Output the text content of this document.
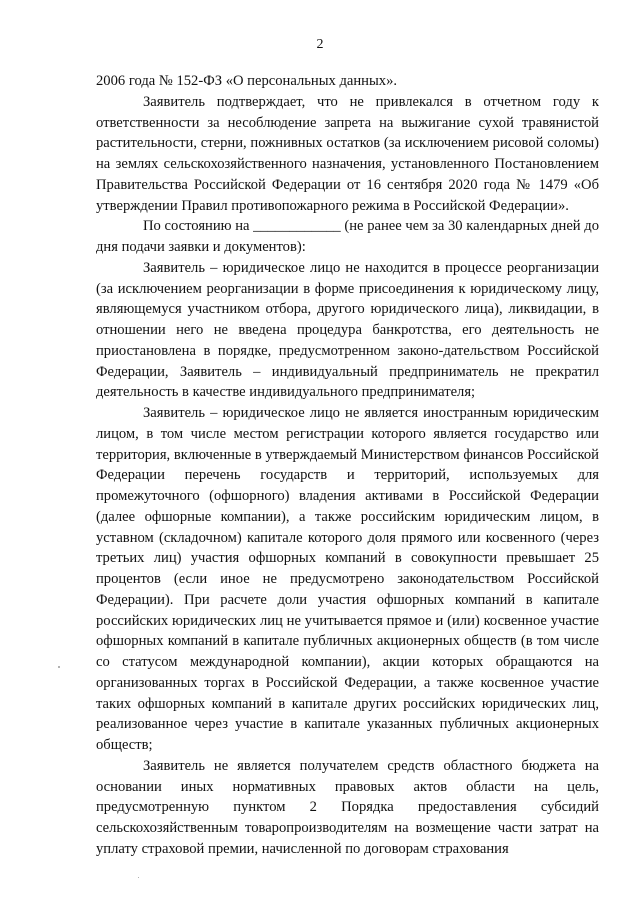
2

2006 года № 152-ФЗ «О персональных данных».

Заявитель подтверждает, что не привлекался в отчетном году к ответственности за несоблюдение запрета на выжигание сухой травянистой растительности, стерни, пожнивных остатков (за исключением рисовой соломы) на землях сельскохозяйственного назначения, установленного Постановлением Правительства Российской Федерации от 16 сентября 2020 года № 1479 «Об утверждении Правил противопожарного режима в Российской Федерации».

По состоянию на ____________ (не ранее чем за 30 календарных дней до дня подачи заявки и документов):

Заявитель – юридическое лицо не находится в процессе реорганизации (за исключением реорганизации в форме присоединения к юридическому лицу, являющемуся участником отбора, другого юридического лица), ликвидации, в отношении него не введена процедура банкротства, его деятельность не приостановлена в порядке, предусмотренном законо-дательством Российской Федерации, Заявитель – индивидуальный предприниматель не прекратил деятельность в качестве индивидуального предпринимателя;

Заявитель – юридическое лицо не является иностранным юридическим лицом, в том числе местом регистрации которого является государство или территория, включенные в утверждаемый Министерством финансов Российской Федерации перечень государств и территорий, используемых для промежуточного (офшорного) владения активами в Российской Федерации (далее офшорные компании), а также российским юридическим лицом, в уставном (складочном) капитале которого доля прямого или косвенного (через третьих лиц) участия офшорных компаний в совокупности превышает 25 процентов (если иное не предусмотрено законодательством Российской Федерации). При расчете доли участия офшорных компаний в капитале российских юридических лиц не учитывается прямое и (или) косвенное участие офшорных компаний в капитале публичных акционерных обществ (в том числе со статусом международной компании), акции которых обращаются на организованных торгах в Российской Федерации, а также косвенное участие таких офшорных компаний в капитале других российских юридических лиц, реализованное через участие в капитале указанных публичных акционерных обществ;

Заявитель не является получателем средств областного бюджета на основании иных нормативных правовых актов области на цель, предусмотренную пунктом 2 Порядка предоставления субсидий сельскохозяйственным товаропроизводителям на возмещение части затрат на уплату страховой премии, начисленной по договорам страхования
